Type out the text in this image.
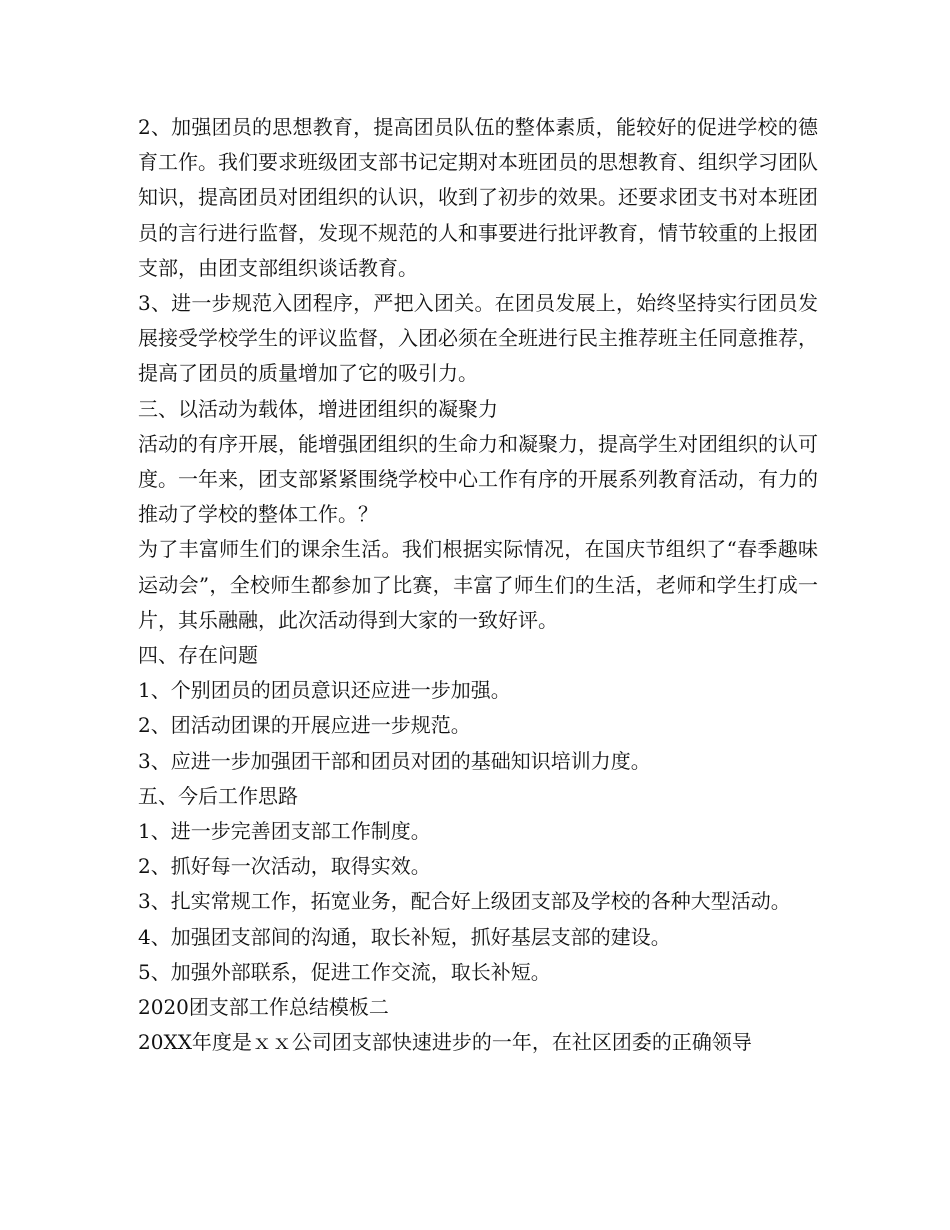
2、加强团员的思想教育，提高团员队伍的整体素质，能较好的促进学校的德育工作。我们要求班级团支部书记定期对本班团员的思想教育、组织学习团队知识，提高团员对团组织的认识，收到了初步的效果。还要求团支书对本班团员的言行进行监督，发现不规范的人和事要进行批评教育，情节较重的上报团支部，由团支部组织谈话教育。

3、进一步规范入团程序，严把入团关。在团员发展上，始终坚持实行团员发展接受学校学生的评议监督，入团必须在全班进行民主推荐班主任同意推荐，提高了团员的质量增加了它的吸引力。

三、以活动为载体，增进团组织的凝聚力

活动的有序开展，能增强团组织的生命力和凝聚力，提高学生对团组织的认可度。一年来，团支部紧紧围绕学校中心工作有序的开展系列教育活动，有力的推动了学校的整体工作。？

为了丰富师生们的课余生活。我们根据实际情况，在国庆节组织了“春季趣味运动会”，全校师生都参加了比赛，丰富了师生们的生活，老师和学生打成一片，其乐融融，此次活动得到大家的一致好评。

四、存在问题

1、个别团员的团员意识还应进一步加强。

2、团活动团课的开展应进一步规范。

3、应进一步加强团干部和团员对团的基础知识培训力度。

五、今后工作思路

1、进一步完善团支部工作制度。

2、抓好每一次活动，取得实效。

3、扎实常规工作，拓宽业务，配合好上级团支部及学校的各种大型活动。

4、加强团支部间的沟通，取长补短，抓好基层支部的建设。

5、加强外部联系，促进工作交流，取长补短。

2020团支部工作总结模板二

20XX年度是ｘｘ公司团支部快速进步的一年，在社区团委的正确领导
